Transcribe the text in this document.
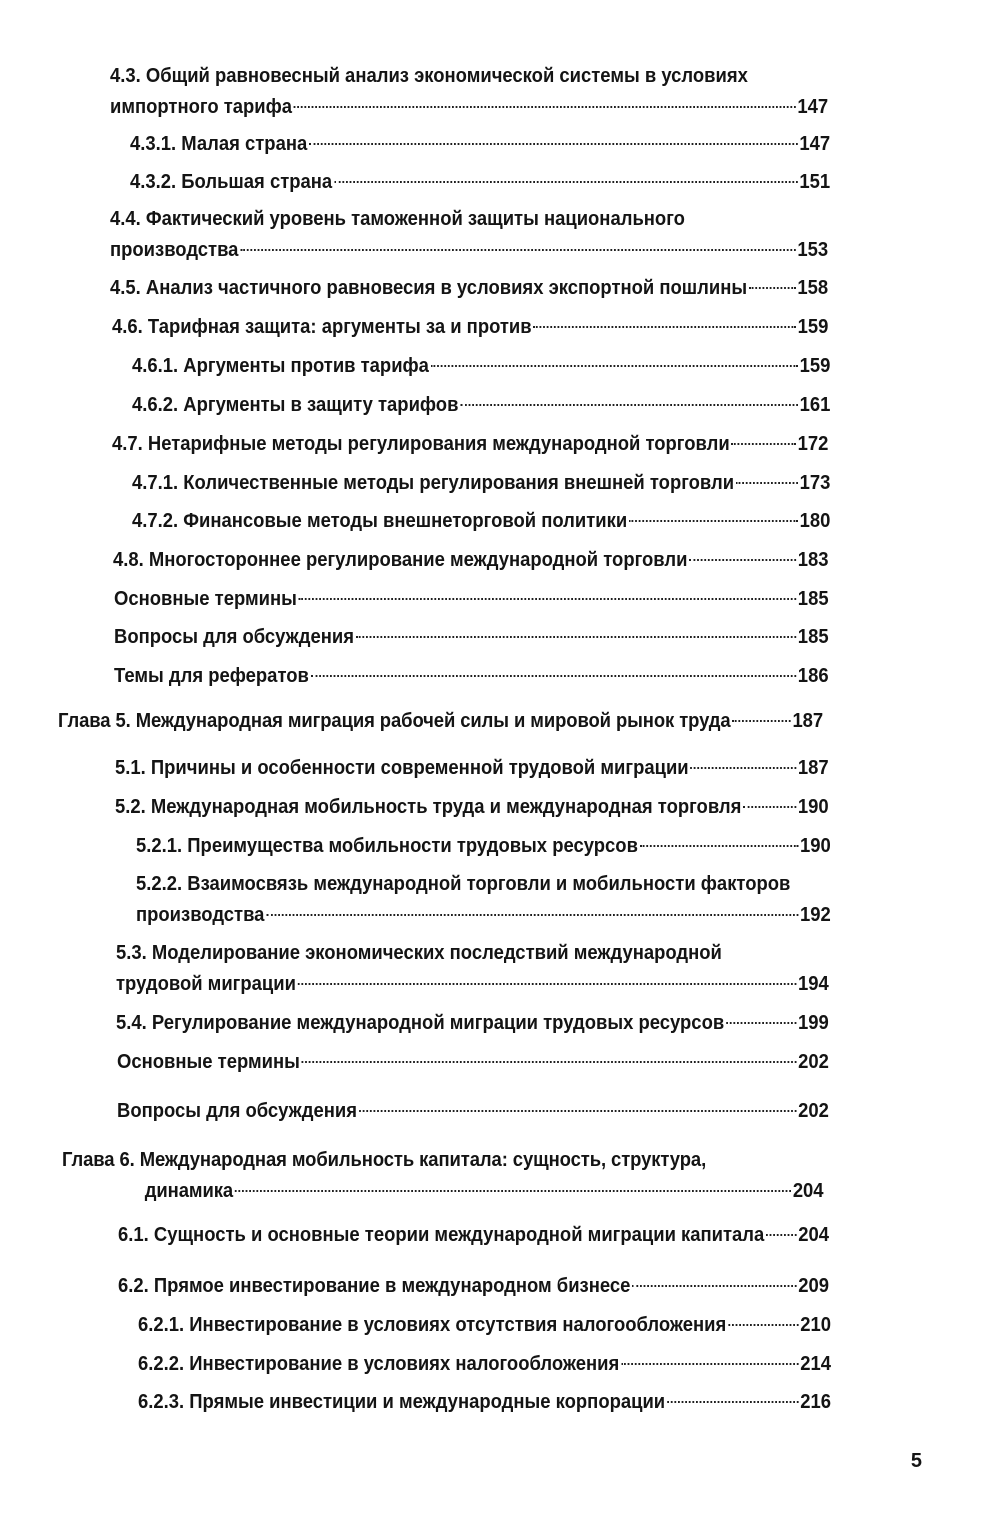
4.3. Общий равновесный анализ экономической системы в условиях
импортного тарифа	147
4.3.1. Малая страна	147
4.3.2. Большая страна	151
4.4. Фактический уровень таможенной защиты национального
производства	153
4.5. Анализ частичного равновесия в условиях экспортной пошлины 158
4.6. Тарифная защита: аргументы за и против	159
4.6.1. Аргументы против тарифа	159
4.6.2. Аргументы в защиту тарифов	161
4.7. Нетарифные методы регулирования международной торговли	172
4.7.1. Количественные методы регулирования внешней торговли	173
4.7.2. Финансовые методы внешнеторговой политики	180
4.8. Многостороннее регулирование международной торговли	183
Основные термины	185
Вопросы для обсуждения	185
Темы для рефератов	186
Глава 5. Международная миграция рабочей силы и мировой рынок труда	187
5.1. Причины и особенности современной трудовой миграции	187
5.2. Международная мобильность труда и международная торговля	190
5.2.1. Преимущества мобильности трудовых ресурсов	190
5.2.2. Взаимосвязь международной торговли и мобильности факторов
производства	192
5.3. Моделирование экономических последствий международной
трудовой миграции	194
5.4. Регулирование международной миграции трудовых ресурсов	199
Основные термины	202
Вопросы для обсуждения	202
Глава 6. Международная мобильность капитала: сущность, структура,
динамика	204
6.1. Сущность и основные теории международной миграции капитала 204
6.2. Прямое инвестирование в международном бизнесе	209
6.2.1. Инвестирование в условиях отсутствия налогообложения	210
6.2.2. Инвестирование в условиях налогообложения	214
6.2.3. Прямые инвестиции и международные корпорации	216
5
